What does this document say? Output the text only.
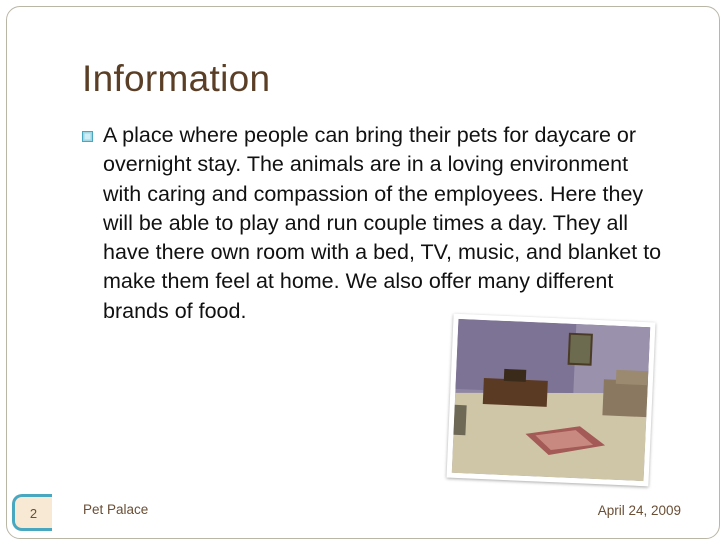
Information
A place where people can bring their pets for daycare or overnight stay. The animals are in a loving environment with caring and compassion of the employees. Here they will be able to play and run couple times a day. They all have there own room with a bed, TV, music, and blanket to make them feel at home. We also offer many different brands of food.
2	Pet Palace	April 24, 2009
